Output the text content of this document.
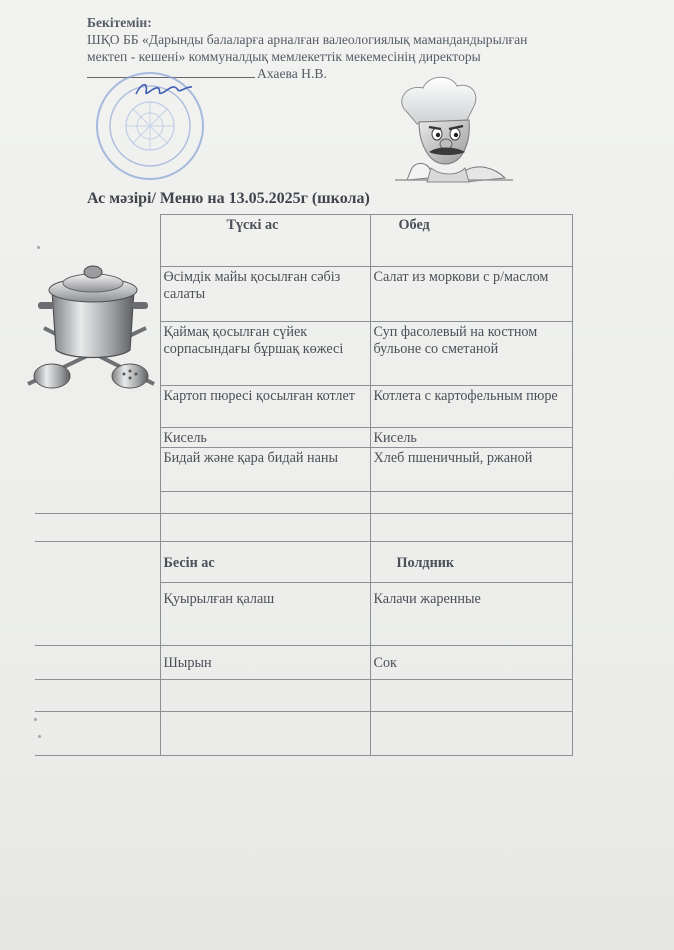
Бекітемін:
ШҚО ББ «Дарынды балаларға арналған валеологиялық мамандандырылған
мектеп - кешені» коммуналдық мемлекеттік мекемесінің директоры
Ахаева Н.В.
Ас мәзірі/ Меню на 13.05.2025г (школа)
	Түскі ас	Обед
	Өсімдік майы қосылған сәбіз салаты	Салат из моркови с р/маслом
	Қаймақ қосылған сүйек сорпасындағы бұршақ көжесі	Суп фасолевый на костном бульоне со сметаной
	Картоп пюресі қосылған котлет	Котлета с картофельным пюре
	Кисель	Кисель
	Бидай және қара бидай наны	Хлеб пшеничный, ржаной

	Бесін ас	Полдник
	Қуырылған қалаш	Калачи жаренные
	Шырын	Сок
